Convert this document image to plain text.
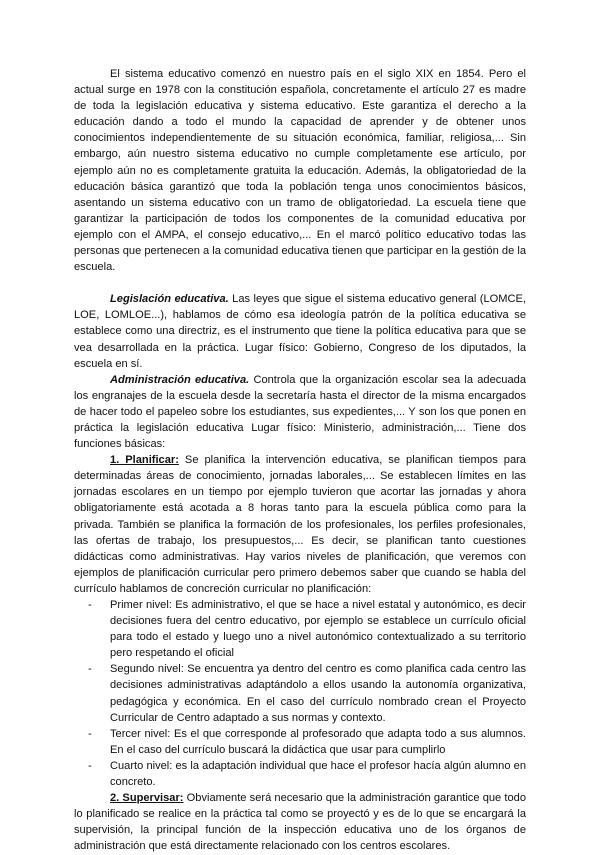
El sistema educativo comenzó en nuestro país en el siglo XIX en 1854. Pero el actual surge en 1978 con la constitución española, concretamente el artículo 27 es madre de toda la legislación educativa y sistema educativo. Este garantiza el derecho a la educación dando a todo el mundo la capacidad de aprender y de obtener unos conocimientos independientemente de su situación económica, familiar, religiosa,... Sin embargo, aún nuestro sistema educativo no cumple completamente ese artículo, por ejemplo aún no es completamente gratuita la educación. Además, la obligatoriedad de la educación básica garantizó que toda la población tenga unos conocimientos básicos, asentando un sistema educativo con un tramo de obligatoriedad. La escuela tiene que garantizar la participación de todos los componentes de la comunidad educativa por ejemplo con el AMPA, el consejo educativo,... En el marcó político educativo todas las personas que pertenecen a la comunidad educativa tienen que participar en la gestión de la escuela.

Legislación educativa. Las leyes que sigue el sistema educativo general (LOMCE, LOE, LOMLOE...), hablamos de cómo esa ideología patrón de la política educativa se establece como una directriz, es el instrumento que tiene la política educativa para que se vea desarrollada en la práctica. Lugar físico: Gobierno, Congreso de los diputados, la escuela en sí.

Administración educativa. Controla que la organización escolar sea la adecuada los engranajes de la escuela desde la secretaría hasta el director de la misma encargados de hacer todo el papeleo sobre los estudiantes, sus expedientes,... Y son los que ponen en práctica la legislación educativa Lugar físico: Ministerio, administración,... Tiene dos funciones básicas:

1. Planificar: Se planifica la intervención educativa, se planifican tiempos para determinadas áreas de conocimiento, jornadas laborales,... Se establecen límites en las jornadas escolares en un tiempo por ejemplo tuvieron que acortar las jornadas y ahora obligatoriamente está acotada a 8 horas tanto para la escuela pública como para la privada. También se planifica la formación de los profesionales, los perfiles profesionales, las ofertas de trabajo, los presupuestos,... Es decir, se planifican tanto cuestiones didácticas como administrativas. Hay varios niveles de planificación, que veremos con ejemplos de planificación curricular pero primero debemos saber que cuando se habla del currículo hablamos de concreción curricular no planificación:

- Primer nivel: Es administrativo, el que se hace a nivel estatal y autonómico, es decir decisiones fuera del centro educativo, por ejemplo se establece un currículo oficial para todo el estado y luego uno a nivel autonómico contextualizado a su territorio pero respetando el oficial
- Segundo nivel: Se encuentra ya dentro del centro es como planifica cada centro las decisiones administrativas adaptándolo a ellos usando la autonomía organizativa, pedagógica y económica. En el caso del currículo nombrado crean el Proyecto Curricular de Centro adaptado a sus normas y contexto.
- Tercer nivel: Es el que corresponde al profesorado que adapta todo a sus alumnos. En el caso del currículo buscará la didáctica que usar para cumplirlo
- Cuarto nivel: es la adaptación individual que hace el profesor hacía algún alumno en concreto.

2. Supervisar: Obviamente será necesario que la administración garantice que todo lo planificado se realice en la práctica tal como se proyectó y es de lo que se encargará la supervisión, la principal función de la inspección educativa uno de los órganos de administración que está directamente relacionado con los centros escolares.
